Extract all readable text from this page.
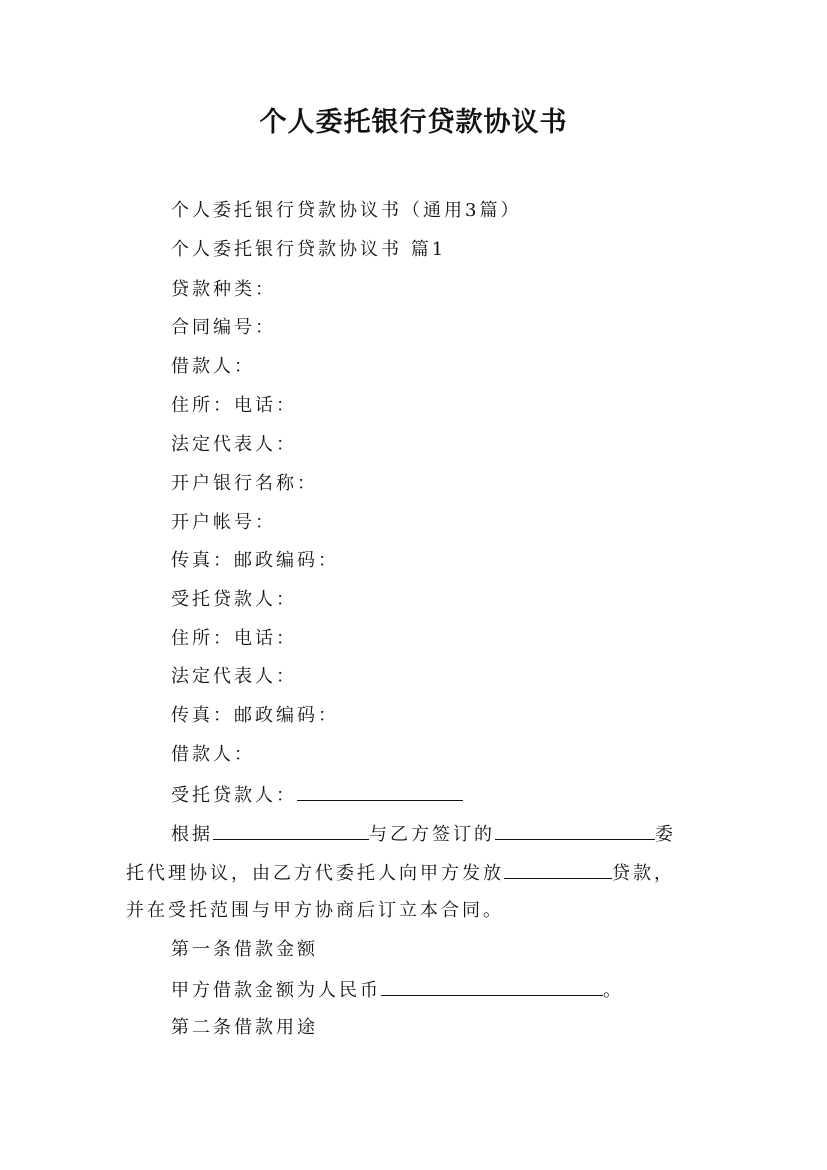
个人委托银行贷款协议书
个人委托银行贷款协议书（通用3篇）
个人委托银行贷款协议书 篇1
贷款种类：
合同编号：
借款人：
住所：电话：
法定代表人：
开户银行名称：
开户帐号：
传真：邮政编码：
受托贷款人：
住所：电话：
法定代表人：
传真：邮政编码：
借款人：
受托贷款人：
根据	与乙方签订的	委
托代理协议，由乙方代委托人向甲方发放	贷款，
并在受托范围与甲方协商后订立本合同。
第一条借款金额
甲方借款金额为人民币	。
第二条借款用途
